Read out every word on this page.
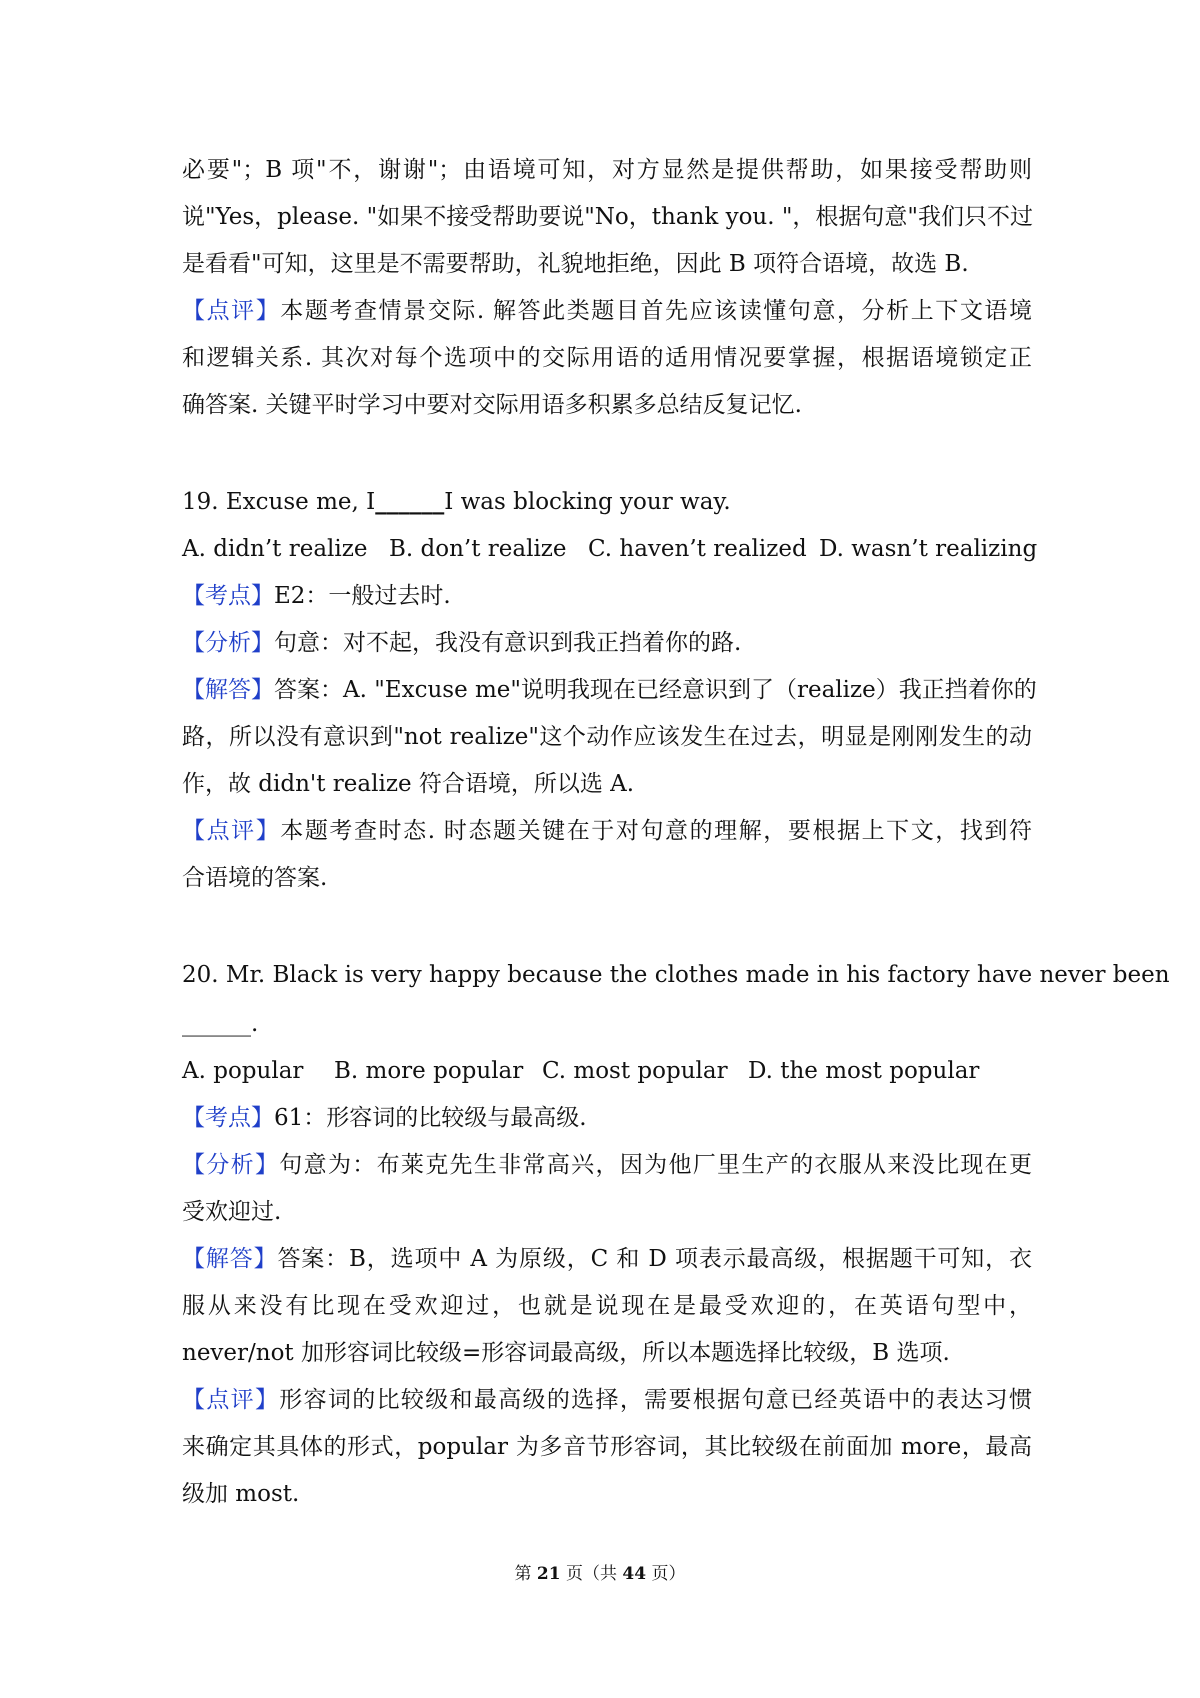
必要"；B 项"不，谢谢"；由语境可知，对方显然是提供帮助，如果接受帮助则
说"Yes，please. "如果不接受帮助要说"No，thank you. "，根据句意"我们只不过
是看看"可知，这里是不需要帮助，礼貌地拒绝，因此 B 项符合语境，故选 B.
【点评】本题考查情景交际. 解答此类题目首先应该读懂句意，分析上下文语境
和逻辑关系. 其次对每个选项中的交际用语的适用情况要掌握，根据语境锁定正
确答案. 关键平时学习中要对交际用语多积累多总结反复记忆.
19. Excuse me, I______I was blocking your way.
A. didn’t realize B. don’t realize C. haven’t realized D. wasn’t realizing
【考点】E2：一般过去时.
【分析】句意：对不起，我没有意识到我正挡着你的路.
【解答】答案：A. "Excuse me"说明我现在已经意识到了（realize）我正挡着你的
路，所以没有意识到"not realize"这个动作应该发生在过去，明显是刚刚发生的动
作，故 didn't realize 符合语境，所以选 A.
【点评】本题考查时态. 时态题关键在于对句意的理解，要根据上下文，找到符
合语境的答案.
20. Mr. Black is very happy because the clothes made in his factory have never been
______.
A. popular B. more popular C. most popular D. the most popular
【考点】61：形容词的比较级与最高级.
【分析】句意为：布莱克先生非常高兴，因为他厂里生产的衣服从来没比现在更
受欢迎过.
【解答】答案：B，选项中 A 为原级，C 和 D 项表示最高级，根据题干可知，衣
服从来没有比现在受欢迎过，也就是说现在是最受欢迎的，在英语句型中，
never/not 加形容词比较级=形容词最高级，所以本题选择比较级，B 选项.
【点评】形容词的比较级和最高级的选择，需要根据句意已经英语中的表达习惯
来确定其具体的形式，popular 为多音节形容词，其比较级在前面加 more，最高
级加 most.
第 21 页（共 44 页）
